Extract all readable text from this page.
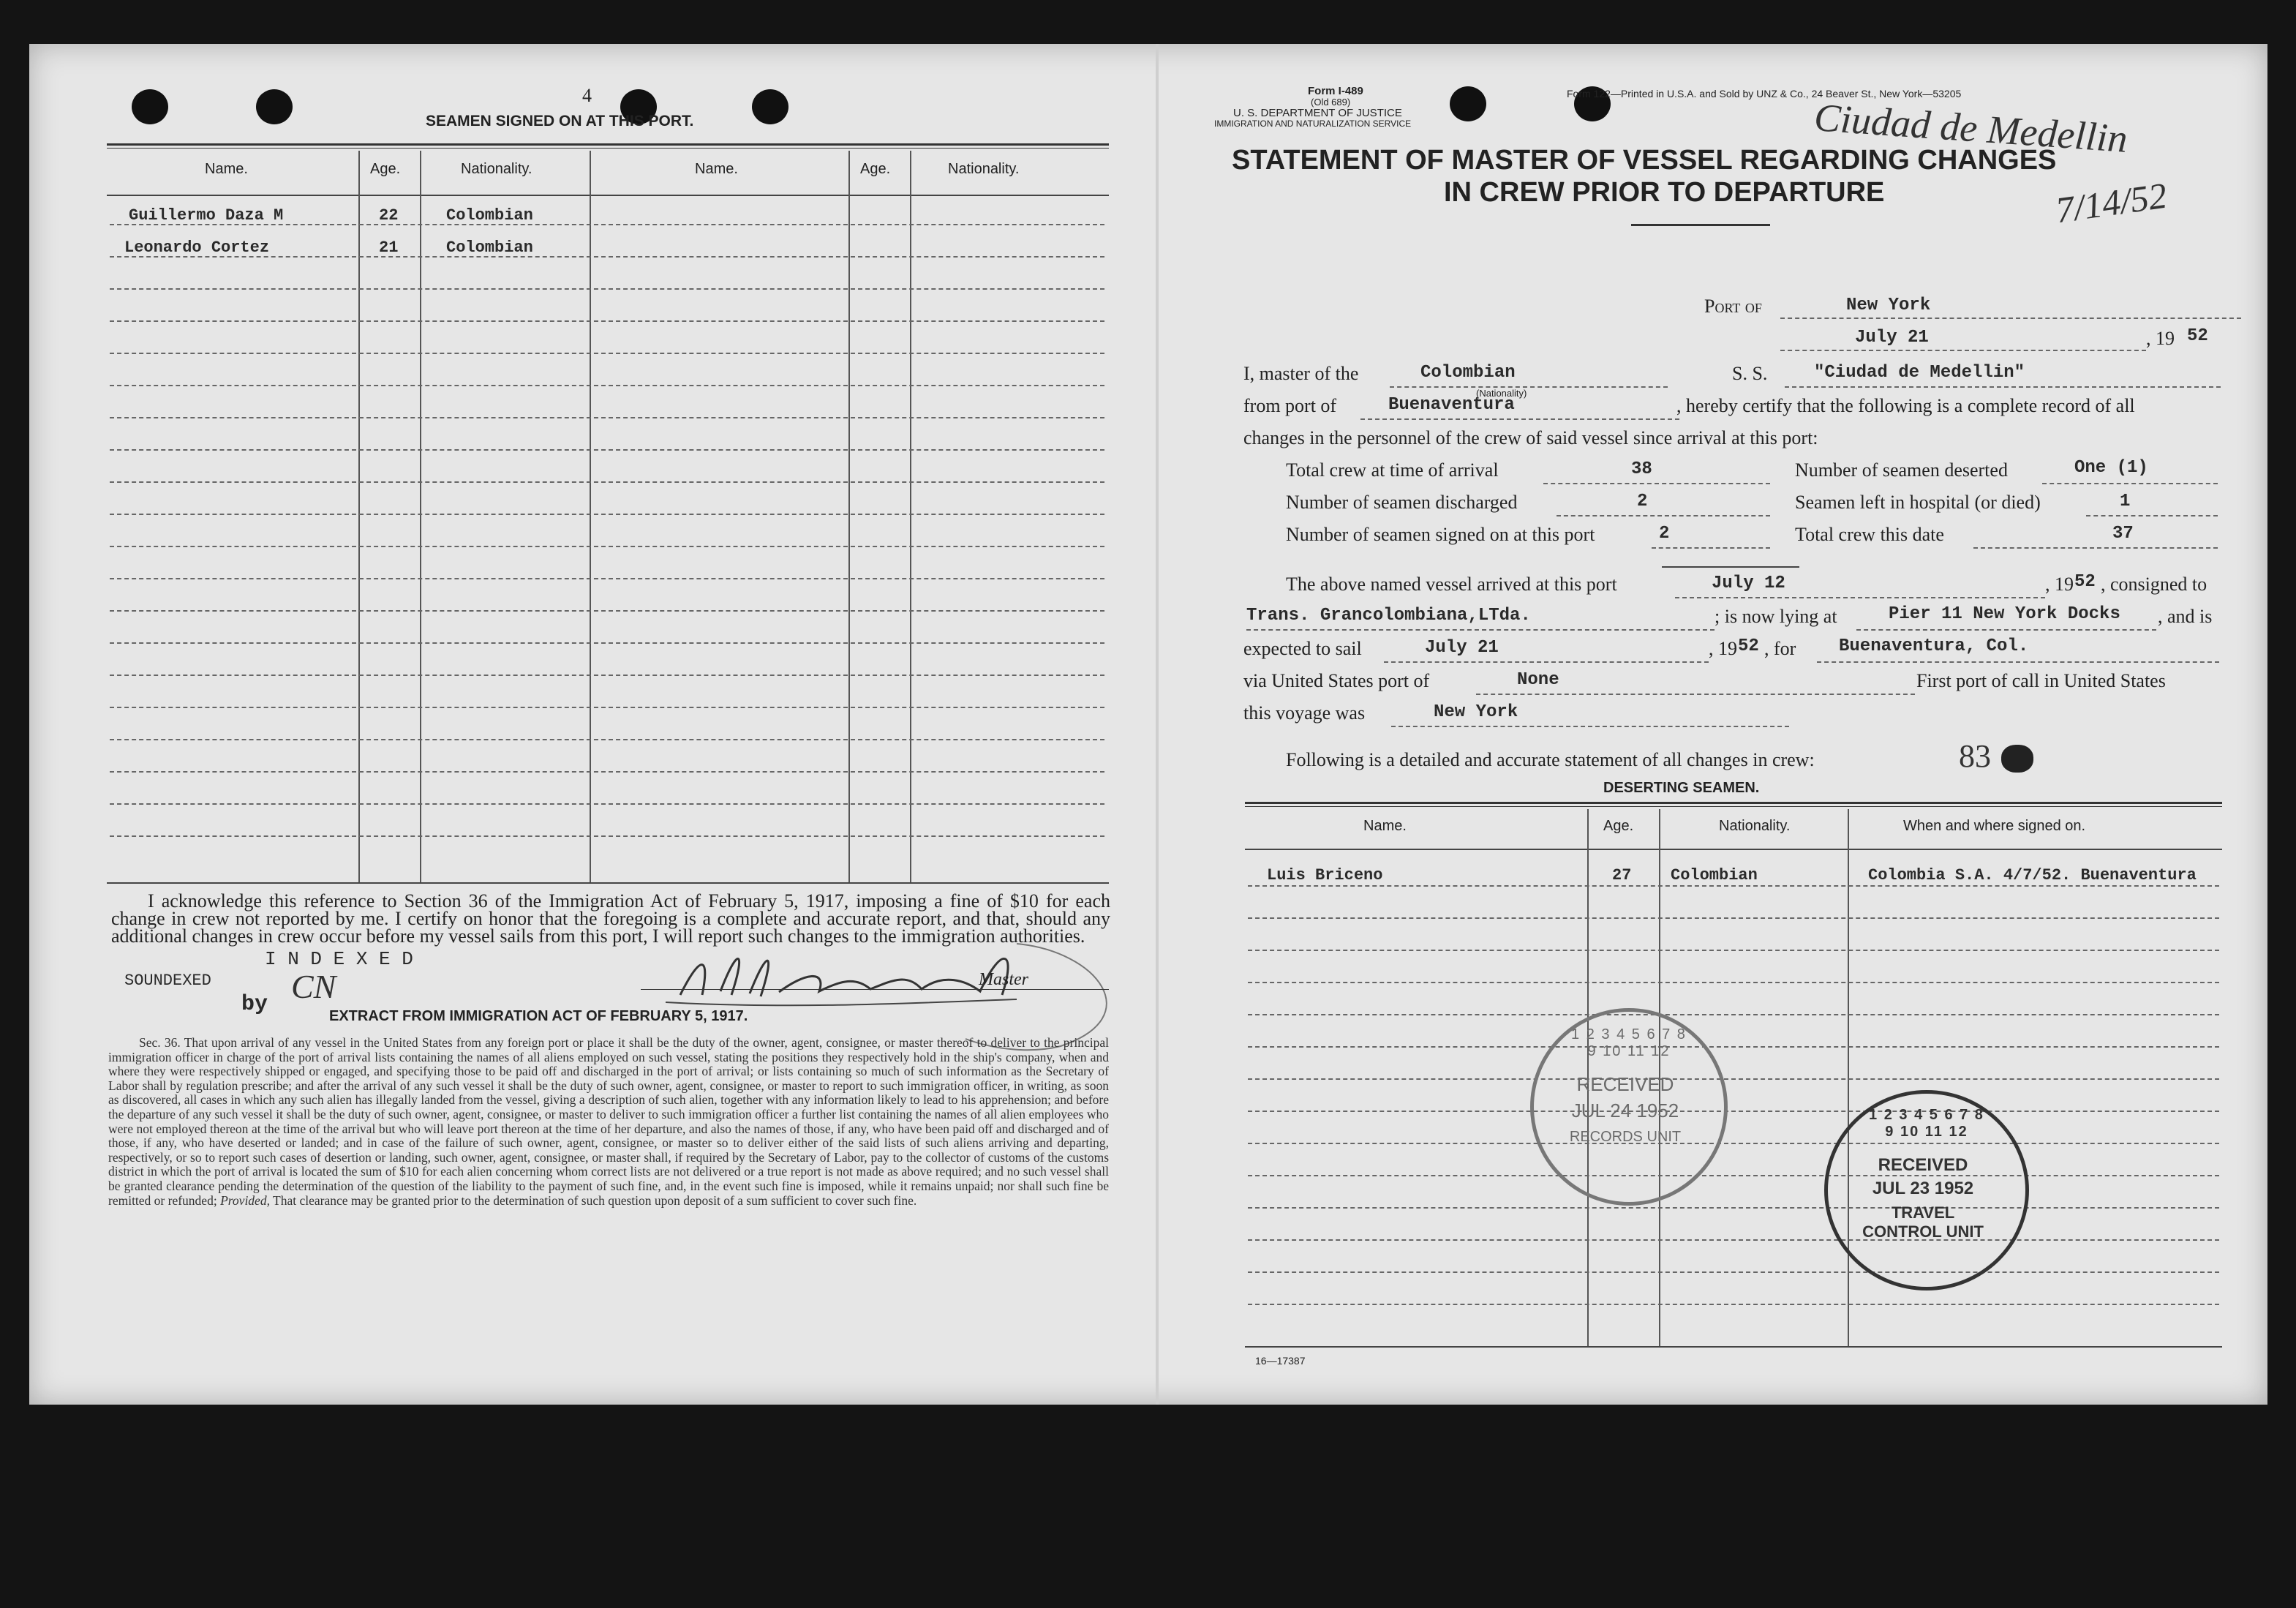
4
SEAMEN SIGNED ON AT THIS PORT.
Name.	Age.	Nationality.	Name.	Age.	Nationality.
Guillermo Daza M	22	Colombian
Leonardo Cortez	21	Colombian
I acknowledge this reference to Section 36 of the Immigration Act of February 5, 1917, imposing a fine of $10 for each change in crew not reported by me. I certify on honor that the foregoing is a complete and accurate report, and that, should any additional changes in crew occur before my vessel sails from this port, I will report such changes to the immigration authorities.
Master
SOUNDEXED
I N D E X E D
by CN
EXTRACT FROM IMMIGRATION ACT OF FEBRUARY 5, 1917.
Sec. 36. That upon arrival of any vessel in the United States from any foreign port or place it shall be the duty of the owner, agent, consignee, or master thereof to deliver to the principal immigration officer in charge of the port of arrival lists containing the names of all aliens employed on such vessel, stating the positions they respectively hold in the ship's company, when and where they were respectively shipped or engaged, and specifying those to be paid off and discharged in the port of arrival; or lists containing so much of such information as the Secretary of Labor shall by regulation prescribe; and after the arrival of any such vessel it shall be the duty of such owner, agent, consignee, or master to report to such immigration officer, in writing, as soon as discovered, all cases in which any such alien has illegally landed from the vessel, giving a description of such alien, together with any information likely to lead to his apprehension; and before the departure of any such vessel it shall be the duty of such owner, agent, consignee, or master to deliver to such immigration officer a further list containing the names of all alien employees who were not employed thereon at the time of the arrival but who will leave port thereon at the time of her departure, and also the names of those, if any, who have been paid off and discharged and of those, if any, who have deserted or landed; and in case of the failure of such owner, agent, consignee, or master so to deliver either of the said lists of such aliens arriving and departing, respectively, or so to report such cases of desertion or landing, such owner, agent, consignee, or master shall, if required by the Secretary of Labor, pay to the collector of customs of the customs district in which the port of arrival is located the sum of $10 for each alien concerning whom correct lists are not delivered or a true report is not made as above required; and no such vessel shall be granted clearance pending the determination of the question of the liability to the payment of such fine, and, in the event such fine is imposed, while it remains unpaid; nor shall such fine be remitted or refunded; Provided, That clearance may be granted prior to the determination of such question upon deposit of a sum sufficient to cover such fine.
Form I-489
(Old 689)
U. S. DEPARTMENT OF JUSTICE
IMMIGRATION AND NATURALIZATION SERVICE
Form 122—Printed in U.S.A. and Sold by UNZ & Co., 24 Beaver St., New York—53205
Ciudad de Medellin
7/14/52
STATEMENT OF MASTER OF VESSEL REGARDING CHANGES
IN CREW PRIOR TO DEPARTURE
Port of	New York
July 21	, 19 52
I, master of the	Colombian
(Nationality)
S. S.	"Ciudad de Medellin"
from port of	Buenaventura	, hereby certify that the following is a complete record of all
changes in the personnel of the crew of said vessel since arrival at this port:
Total crew at time of arrival	38
Number of seamen discharged	2
Number of seamen signed on at this port	2
Number of seamen deserted	One (1)
Seamen left in hospital (or died)	1
Total crew this date	37
The above named vessel arrived at this port	July 12	, 19 52 , consigned to
Trans. Grancolombiana,LTda.	; is now lying at	Pier 11 New York Docks , and is
expected to sail	July 21	, 19 52 , for Buenaventura, Col.
via United States port of	None	First port of call in United States
this voyage was	New York
Following is a detailed and accurate statement of all changes in crew:	83
DESERTING SEAMEN.
Name.	Age.	Nationality.	When and where signed on.
Luis Briceno	27 Colombian	Colombia S.A. 4/7/52. Buenaventura
16—17387
1 2 3 4 5 6 7 8 9 10 11 12
RECEIVED
JUL 24 1952
RECORDS UNIT
1 2 3 4 5 6 7 8 9 10 11 12
RECEIVED
JUL 23 1952
TRAVEL CONTROL UNIT
